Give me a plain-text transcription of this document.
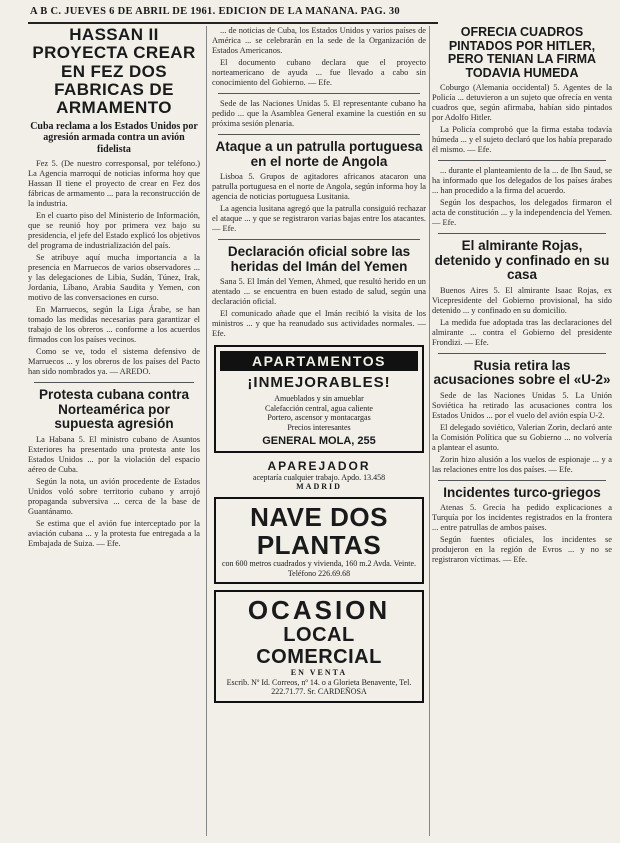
A B C. JUEVES 6 DE ABRIL DE 1961. EDICION DE LA MAÑANA. PAG. 30
HASSAN II PROYECTA CREAR EN FEZ DOS FABRICAS DE ARMAMENTO
Cuba reclama a los Estados Unidos por agresión armada contra un avión fidelista

Fez 5. (De nuestro corresponsal, por teléfono.) La Agencia marroquí de noticias informa hoy que Hassan II tiene el proyecto de crear en Fez dos fábricas de armamento ... para la reconstrucción de la industria.

En el cuarto piso del Ministerio de Información, que se reunió hoy por primera vez bajo su presidencia, el jefe del Estado explicó los objetivos del programa de industrialización del país.

Se atribuye aquí mucha importancia a la presencia en Marruecos de varios observadores ... y las delegaciones de Libia, Sudán, Túnez, Irak, Jordania, Líbano, Arabia Saudita y Yemen, con motivo de las conversaciones en curso.

En Marruecos, según la Liga Árabe, se han tomado las medidas necesarias para garantizar el trabajo de los obreros ... conforme a los acuerdos firmados con los países vecinos.

Como se ve, todo el sistema defensivo de Marruecos ... y los obreros de los países del Pacto han sido nombrados ya. — AREDO.

Protesta cubana contra Norteamérica por supuesta agresión

La Habana 5. El ministro cubano de Asuntos Exteriores ha presentado una protesta ante los Estados Unidos ... por la violación del espacio aéreo de Cuba.

Según la nota, un avión procedente de Estados Unidos voló sobre territorio cubano y arrojó propaganda subversiva ... cerca de la base de Guantánamo.

Se estima que el avión fue interceptado por la aviación cubana ... y la protesta fue entregada a la Embajada de Suiza. — Efe.

... de noticias de Cuba, los Estados Unidos y varios países de América ... se celebrarán en la sede de la Organización de Estados Americanos.

El documento cubano declara que el proyecto norteamericano de ayuda ... fue llevado a cabo sin conocimiento del Gobierno. — Efe.

Sede de las Naciones Unidas 5. El representante cubano ha pedido ... que la Asamblea General examine la cuestión en su próxima sesión plenaria.

Ataque a un patrulla portuguesa en el norte de Angola

Lisboa 5. Grupos de agitadores africanos atacaron una patrulla portuguesa en el norte de Angola, según informa hoy la agencia de noticias portuguesa Lusitania.

La agencia lusitana agregó que la patrulla consiguió rechazar el ataque ... y que se registraron varias bajas entre los atacantes. — Efe.

Declaración oficial sobre las heridas del Imán del Yemen

Sana 5. El Imán del Yemen, Ahmed, que resultó herido en un atentado ... se encuentra en buen estado de salud, según una declaración oficial.

El comunicado añade que el Imán recibió la visita de los ministros ... y que ha reanudado sus actividades normales. — Efe.

APARTAMENTOS
¡INMEJORABLES!
Amueblados y sin amueblar
Calefacción central, agua caliente
Portero, ascensor y montacargas
Precios interesantes
GENERAL MOLA, 255
APAREJADOR
aceptaría cualquier trabajo. Apdo. 13.458
MADRID
NAVE DOS PLANTAS
con 600 metros cuadrados y vivienda, 160 m.2 Avda. Veinte. Teléfono 226.69.68
OCASION
LOCAL COMERCIAL
EN VENTA
Escrib. Nº Id. Correos, nº 14. o a Glorieta Benavente, Tel. 222.71.77. Sr. CARDEÑOSA
OFRECIA CUADROS PINTADOS POR HITLER, PERO TENIAN LA FIRMA TODAVIA HUMEDA

Coburgo (Alemania occidental) 5. Agentes de la Policía ... detuvieron a un sujeto que ofrecía en venta cuadros que, según afirmaba, habían sido pintados por Adolfo Hitler.

La Policía comprobó que la firma estaba todavía húmeda ... y el sujeto declaró que los había preparado él mismo. — Efe.

... durante el planteamiento de la ... de Ibn Saud, se ha informado que los delegados de los países árabes ... han procedido a la firma del acuerdo.

Según los despachos, los delegados firmaron el acta de constitución ... y la independencia del Yemen. — Efe.

El almirante Rojas, detenido y confinado en su casa

Buenos Aires 5. El almirante Isaac Rojas, ex Vicepresidente del Gobierno provisional, ha sido detenido ... y confinado en su domicilio.

La medida fue adoptada tras las declaraciones del almirante ... contra el Gobierno del presidente Frondizi. — Efe.

Rusia retira las acusaciones sobre el «U-2»

Sede de las Naciones Unidas 5. La Unión Soviética ha retirado las acusaciones contra los Estados Unidos ... por el vuelo del avión espía U-2.

El delegado soviético, Valerian Zorin, declaró ante la Comisión Política que su Gobierno ... no volvería a plantear el asunto.

Zorin hizo alusión a los vuelos de espionaje ... y a las relaciones entre los dos países. — Efe.

Incidentes turco-griegos

Atenas 5. Grecia ha pedido explicaciones a Turquía por los incidentes registrados en la frontera ... entre patrullas de ambos países.

Según fuentes oficiales, los incidentes se produjeron en la región de Evros ... y no se registraron víctimas. — Efe.
